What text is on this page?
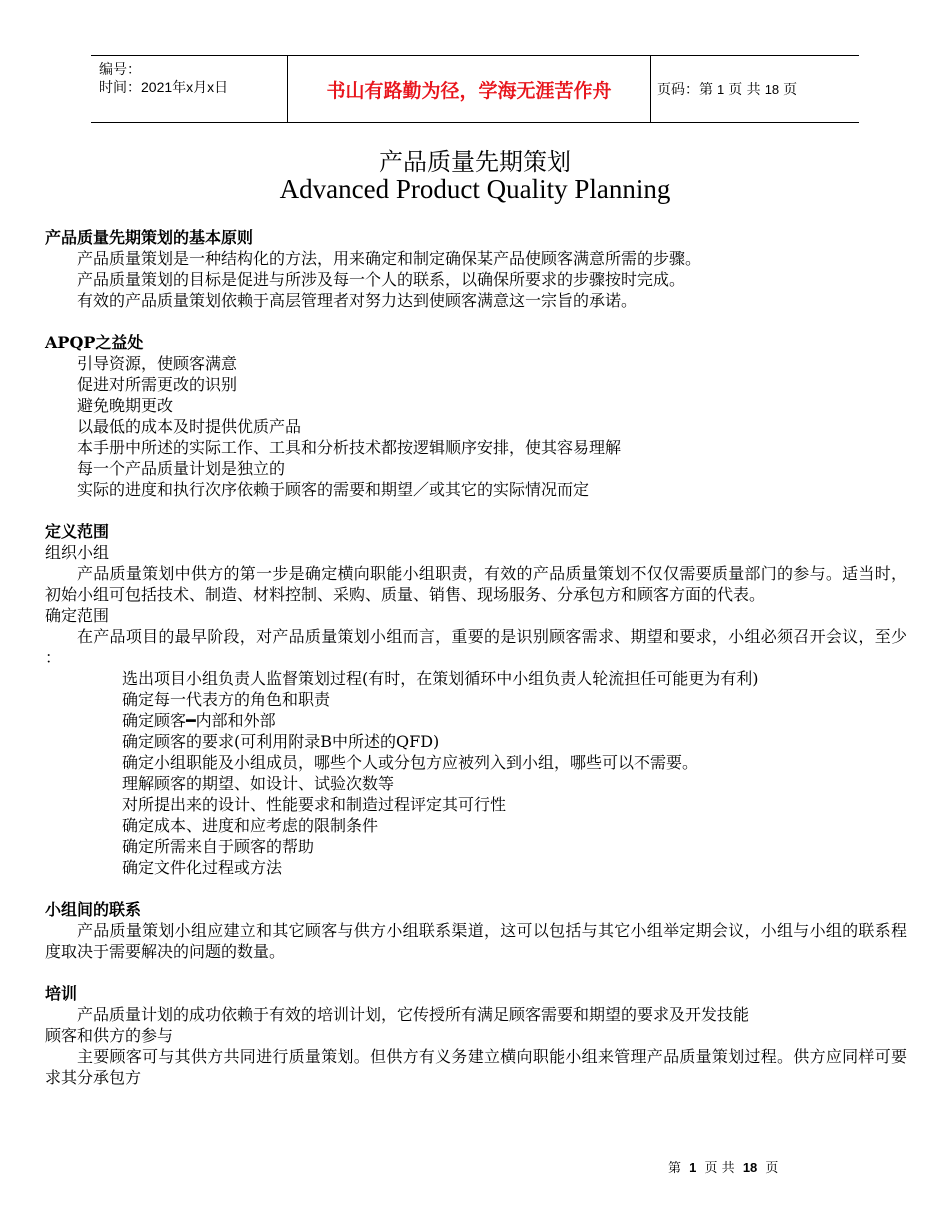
编号：
时间：2021年x月x日	书山有路勤为径，学海无涯苦作舟	页码：第 1 页 共 18 页
产品质量先期策划
Advanced Product Quality Planning
产品质量先期策划的基本原则
产品质量策划是一种结构化的方法，用来确定和制定确保某产品使顾客满意所需的步骤。
产品质量策划的目标是促进与所涉及每一个人的联系，以确保所要求的步骤按时完成。
有效的产品质量策划依赖于高层管理者对努力达到使顾客满意这一宗旨的承诺。
APQP之益处
引导资源，使顾客满意
促进对所需更改的识别
避免晚期更改
以最低的成本及时提供优质产品
本手册中所述的实际工作、工具和分析技术都按逻辑顺序安排，使其容易理解
每一个产品质量计划是独立的
实际的进度和执行次序依赖于顾客的需要和期望／或其它的实际情况而定
定义范围
组织小组
产品质量策划中供方的第一步是确定横向职能小组职责，有效的产品质量策划不仅仅需要质量部门的参与。适当时，初始小组可包括技术、制造、材料控制、采购、质量、销售、现场服务、分承包方和顾客方面的代表。
确定范围
在产品项目的最早阶段，对产品质量策划小组而言，重要的是识别顾客需求、期望和要求，小组必须召开会议，至少 ：
选出项目小组负责人监督策划过程(有时，在策划循环中小组负责人轮流担任可能更为有利)
确定每一代表方的角色和职责
确定顾客━内部和外部
确定顾客的要求(可利用附录B中所述的QFD)
确定小组职能及小组成员，哪些个人或分包方应被列入到小组，哪些可以不需要。
理解顾客的期望、如设计、试验次数等
对所提出来的设计、性能要求和制造过程评定其可行性
确定成本、进度和应考虑的限制条件
确定所需来自于顾客的帮助
确定文件化过程或方法
小组间的联系
产品质量策划小组应建立和其它顾客与供方小组联系渠道，这可以包括与其它小组举定期会议，小组与小组的联系程度取决于需要解决的问题的数量。
培训
产品质量计划的成功依赖于有效的培训计划，它传授所有满足顾客需要和期望的要求及开发技能
顾客和供方的参与
主要顾客可与其供方共同进行质量策划。但供方有义务建立横向职能小组来管理产品质量策划过程。供方应同样可要求其分承包方
第 1 页 共 18 页
